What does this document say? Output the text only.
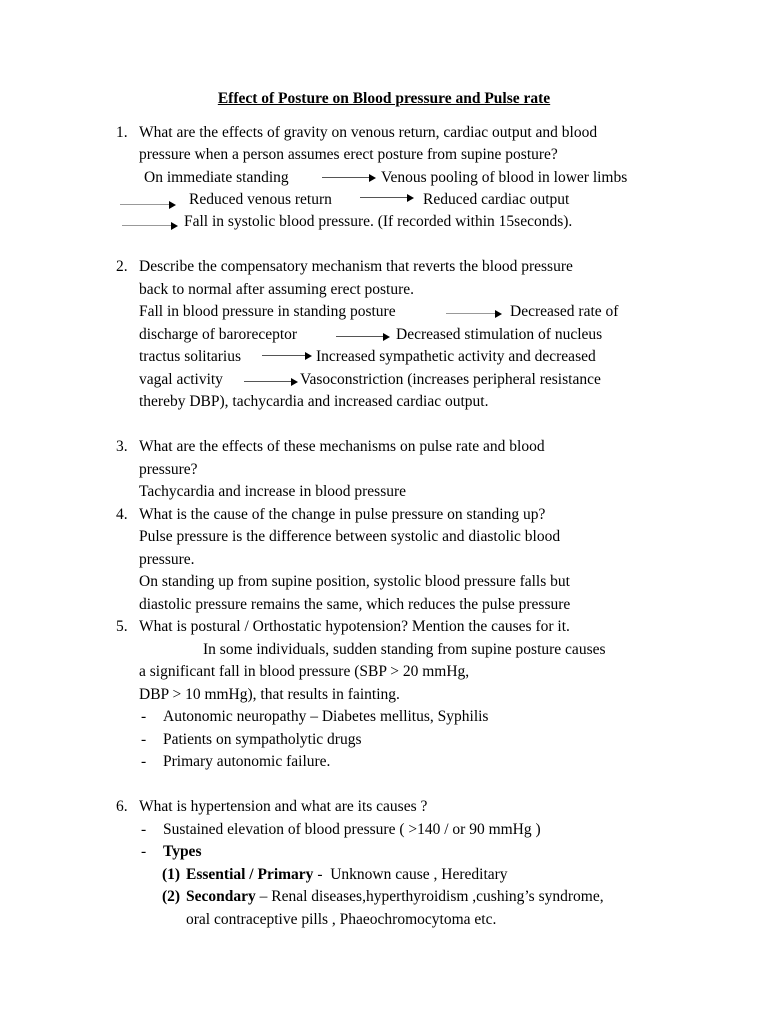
Effect of Posture on Blood pressure and Pulse rate
1. What are the effects of gravity on venous return, cardiac output and blood
pressure when a person assumes erect posture from supine posture?
On immediate standing	Venous pooling of blood in lower limbs
Reduced venous return	Reduced cardiac output
Fall in systolic blood pressure. (If recorded within 15seconds).
2. Describe the compensatory mechanism that reverts the blood pressure
back to normal after assuming erect posture.
Fall in blood pressure in standing posture	Decreased rate of
discharge of baroreceptor	Decreased stimulation of nucleus
tractus solitarius	Increased sympathetic activity and decreased
vagal activity	Vasoconstriction (increases peripheral resistance
thereby DBP), tachycardia and increased cardiac output.
3. What are the effects of these mechanisms on pulse rate and blood
pressure?
Tachycardia and increase in blood pressure
4. What is the cause of the change in pulse pressure on standing up?
Pulse pressure is the difference between systolic and diastolic blood
pressure.
On standing up from supine position, systolic blood pressure falls but
diastolic pressure remains the same, which reduces the pulse pressure
5. What is postural / Orthostatic hypotension? Mention the causes for it.
In some individuals, sudden standing from supine posture causes
a significant fall in blood pressure (SBP > 20 mmHg,
DBP > 10 mmHg), that results in fainting.
- Autonomic neuropathy – Diabetes mellitus, Syphilis
- Patients on sympatholytic drugs
- Primary autonomic failure.
6. What is hypertension and what are its causes ?
- Sustained elevation of blood pressure ( >140 / or 90 mmHg )
- Types
(1) Essential / Primary -  Unknown cause , Hereditary
(2) Secondary – Renal diseases,hyperthyroidism ,cushing’s syndrome,
oral contraceptive pills , Phaeochromocytoma etc.
